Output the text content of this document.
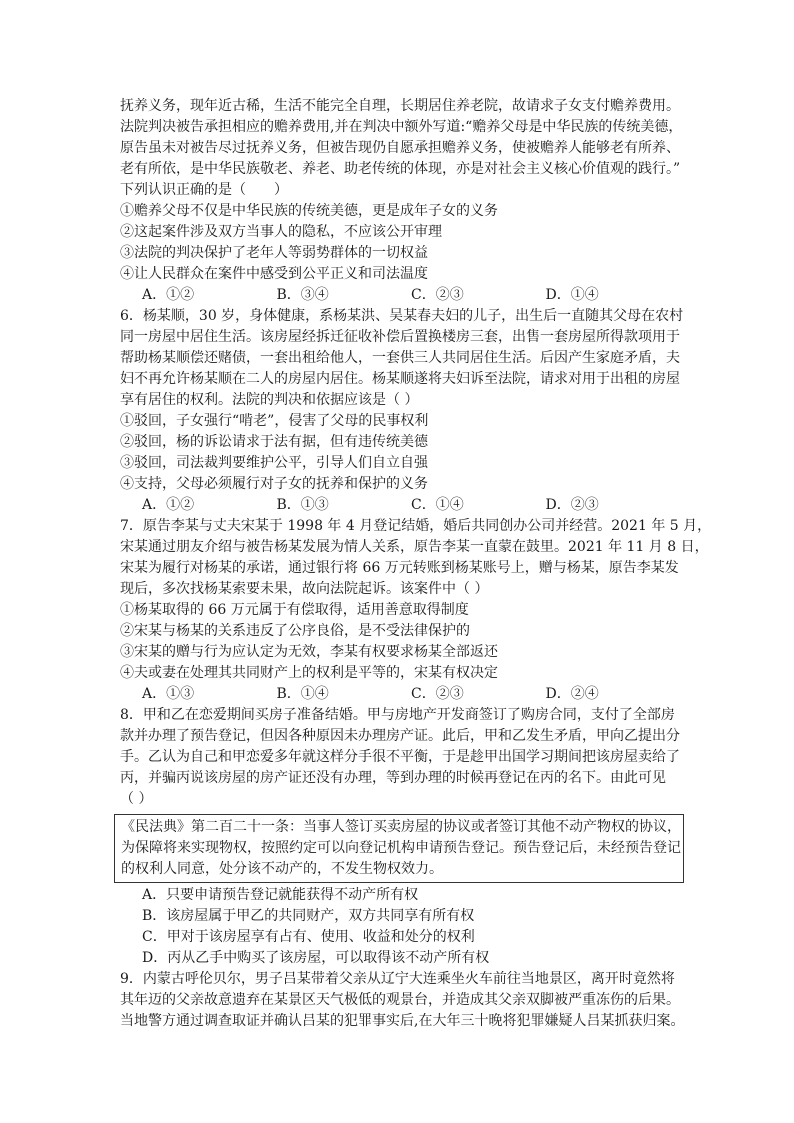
抚养义务，现年近古稀，生活不能完全自理，长期居住养老院，故请求子女支付赡养费用。
法院判决被告承担相应的赡养费用,并在判决中额外写道:“赡养父母是中华民族的传统美德，
原告虽未对被告尽过抚养义务，但被告现仍自愿承担赡养义务，使被赡养人能够老有所养、
老有所依，是中华民族敬老、养老、助老传统的体现，亦是对社会主义核心价值观的践行。”
下列认识正确的是（　　）
①赡养父母不仅是中华民族的传统美德，更是成年子女的义务
②这起案件涉及双方当事人的隐私，不应该公开审理
③法院的判决保护了老年人等弱势群体的一切权益
④让人民群众在案件中感受到公平正义和司法温度
A．①②	B．③④	C．②③	D．①④
6．杨某顺，30 岁，身体健康，系杨某洪、吴某春夫妇的儿子，出生后一直随其父母在农村
同一房屋中居住生活。该房屋经拆迁征收补偿后置换楼房三套，出售一套房屋所得款项用于
帮助杨某顺偿还赌债，一套出租给他人，一套供三人共同居住生活。后因产生家庭矛盾，夫
妇不再允许杨某顺在二人的房屋内居住。杨某顺遂将夫妇诉至法院，请求对用于出租的房屋
享有居住的权利。法院的判决和依据应该是（ ）
①驳回，子女强行“啃老”，侵害了父母的民事权利
②驳回，杨的诉讼请求于法有据，但有违传统美德
③驳回，司法裁判要维护公平，引导人们自立自强
④支持，父母必须履行对子女的抚养和保护的义务
A．①②	B．①③	C．①④	D．②③
7．原告李某与丈夫宋某于 1998 年 4 月登记结婚，婚后共同创办公司并经营。2021 年 5 月，
宋某通过朋友介绍与被告杨某发展为情人关系，原告李某一直蒙在鼓里。2021 年 11 月 8 日，
宋某为履行对杨某的承诺，通过银行将 66 万元转账到杨某账号上，赠与杨某，原告李某发
现后，多次找杨某索要未果，故向法院起诉。该案件中（ ）
①杨某取得的 66 万元属于有偿取得，适用善意取得制度
②宋某与杨某的关系违反了公序良俗，是不受法律保护的
③宋某的赠与行为应认定为无效，李某有权要求杨某全部返还
④夫或妻在处理其共同财产上的权利是平等的，宋某有权决定
A．①③	B．①④	C．②③	D．②④
8．甲和乙在恋爱期间买房子准备结婚。甲与房地产开发商签订了购房合同，支付了全部房
款并办理了预告登记，但因各种原因未办理房产证。此后，甲和乙发生矛盾，甲向乙提出分
手。乙认为自己和甲恋爱多年就这样分手很不平衡，于是趁甲出国学习期间把该房屋卖给了
丙，并骗丙说该房屋的房产证还没有办理，等到办理的时候再登记在丙的名下。由此可见
（ ）
《民法典》第二百二十一条：当事人签订买卖房屋的协议或者签订其他不动产物权的协议，
为保障将来实现物权，按照约定可以向登记机构申请预告登记。预告登记后，未经预告登记
的权利人同意，处分该不动产的，不发生物权效力。
A．只要申请预告登记就能获得不动产所有权
B．该房屋属于甲乙的共同财产，双方共同享有所有权
C．甲对于该房屋享有占有、使用、收益和处分的权利
D．丙从乙手中购买了该房屋，可以取得该不动产所有权
9．内蒙古呼伦贝尔，男子吕某带着父亲从辽宁大连乘坐火车前往当地景区，离开时竟然将
其年迈的父亲故意遗弃在某景区天气极低的观景台，并造成其父亲双脚被严重冻伤的后果。
当地警方通过调查取证并确认吕某的犯罪事实后,在大年三十晚将犯罪嫌疑人吕某抓获归案。
